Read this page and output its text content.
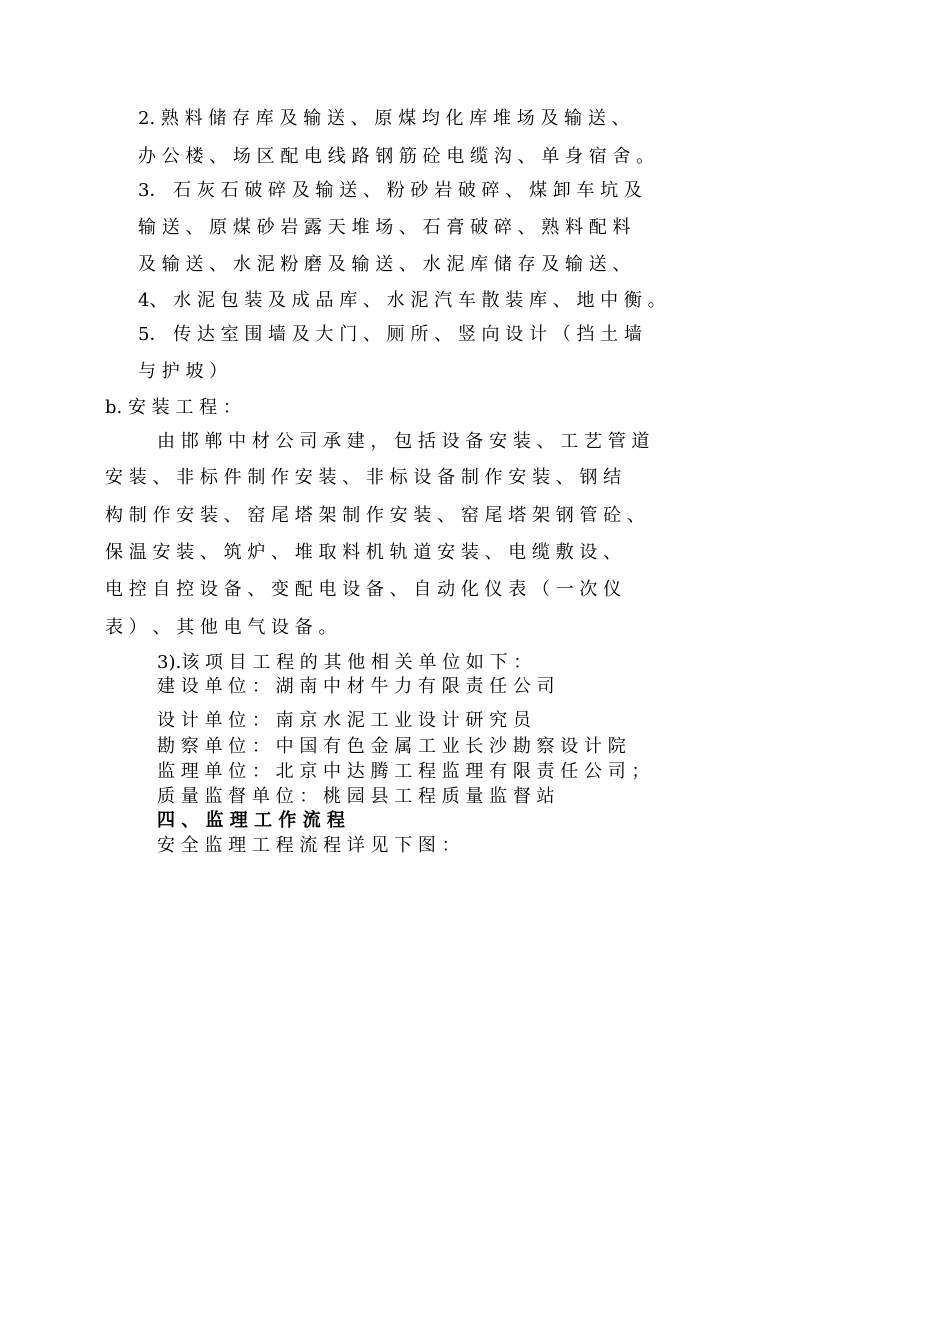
2. 熟 料 储 存 库 及 输 送 、 原 煤 均 化 库 堆 场 及 输 送 、

办 公 楼 、 场 区 配 电 线 路 钢 筋 砼 电 缆 沟 、 单 身 宿 舍 。

3． 石 灰 石 破 碎 及 输 送 、 粉 砂 岩 破 碎 、 煤 卸 车 坑 及

输 送 、 原 煤 砂 岩 露 天 堆 场 、 石 膏 破 碎 、 熟 料 配 料

及 输 送 、 水 泥 粉 磨 及 输 送 、 水 泥 库 储 存 及 输 送 、

4、 水 泥 包 装 及 成 品 库 、 水 泥 汽 车 散 装 库 、 地 中 衡 。

5． 传 达 室 围 墙 及 大 门 、 厕 所 、 竖 向 设 计 （ 挡 土 墙

与 护 坡 ）

b. 安 装 工 程 ：

由 邯 郸 中 材 公 司 承 建 ， 包 括 设 备 安 装 、 工 艺 管 道

安 装 、 非 标 件 制 作 安 装 、 非 标 设 备 制 作 安 装 、 钢 结

构 制 作 安 装 、 窑 尾 塔 架 制 作 安 装 、 窑 尾 塔 架 钢 管 砼 、

保 温 安 装 、 筑 炉 、 堆 取 料 机 轨 道 安 装 、 电 缆 敷 设 、

电 控 自 控 设 备 、 变 配 电 设 备 、 自 动 化 仪 表 （ 一 次 仪

表 ） 、 其 他 电 气 设 备 。

3).该 项 目 工 程 的 其 他 相 关 单 位 如 下 ：

建 设 单 位 ： 湖 南 中 材 牛 力 有 限 责 任 公 司

设 计 单 位 ： 南 京 水 泥 工 业 设 计 研 究 员

勘 察 单 位 ： 中 国 有 色 金 属 工 业 长 沙 勘 察 设 计 院

监 理 单 位 ： 北 京 中 达 腾 工 程 监 理 有 限 责 任 公 司 ；

质 量 监 督 单 位 ： 桃 园 县 工 程 质 量 监 督 站

四 、 监 理 工 作 流 程

安 全 监 理 工 程 流 程 详 见 下 图 ：
